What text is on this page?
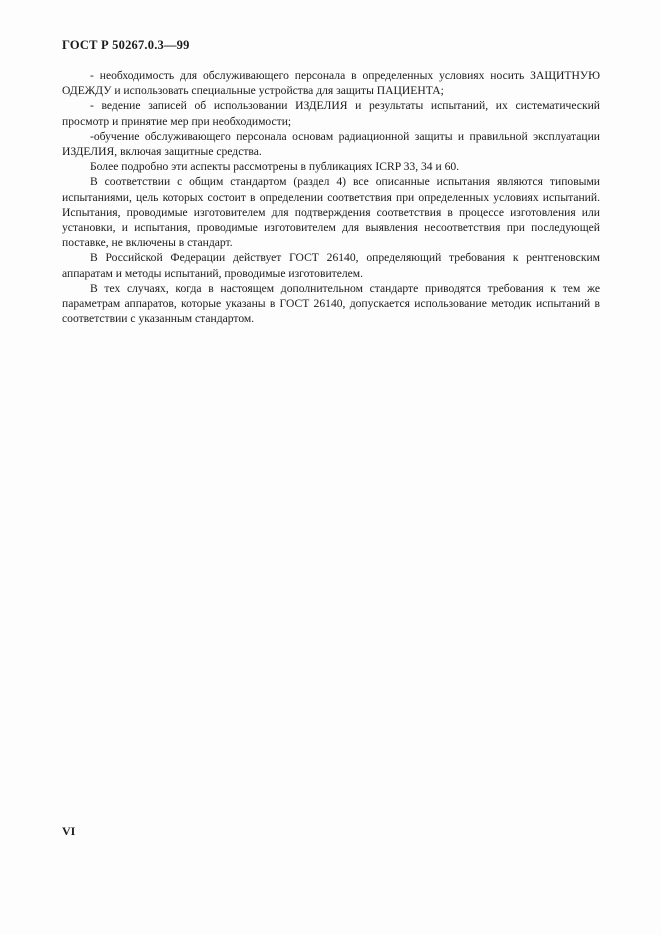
ГОСТ Р 50267.0.3—99

- необходимость для обслуживающего персонала в определенных условиях носить ЗАЩИТНУЮ ОДЕЖДУ и использовать специальные устройства для защиты ПАЦИЕНТА;

- ведение записей об использовании ИЗДЕЛИЯ и результаты испытаний, их систематический просмотр и принятие мер при необходимости;

-обучение обслуживающего персонала основам радиационной защиты и правильной эксплуатации ИЗДЕЛИЯ, включая защитные средства.

Более подробно эти аспекты рассмотрены в публикациях ICRP 33, 34 и 60.

В соответствии с общим стандартом (раздел 4) все описанные испытания являются типовыми испытаниями, цель которых состоит в определении соответствия при определенных условиях испытаний. Испытания, проводимые изготовителем для подтверждения соответствия в процессе изготовления или установки, и испытания, проводимые изготовителем для выявления несоответствия при последующей поставке, не включены в стандарт.

В Российской Федерации действует ГОСТ 26140, определяющий требования к рентгеновским аппаратам и методы испытаний, проводимые изготовителем.

В тех случаях, когда в настоящем дополнительном стандарте приводятся требования к тем же параметрам аппаратов, которые указаны в ГОСТ 26140, допускается использование методик испытаний в соответствии с указанным стандартом.

VI
